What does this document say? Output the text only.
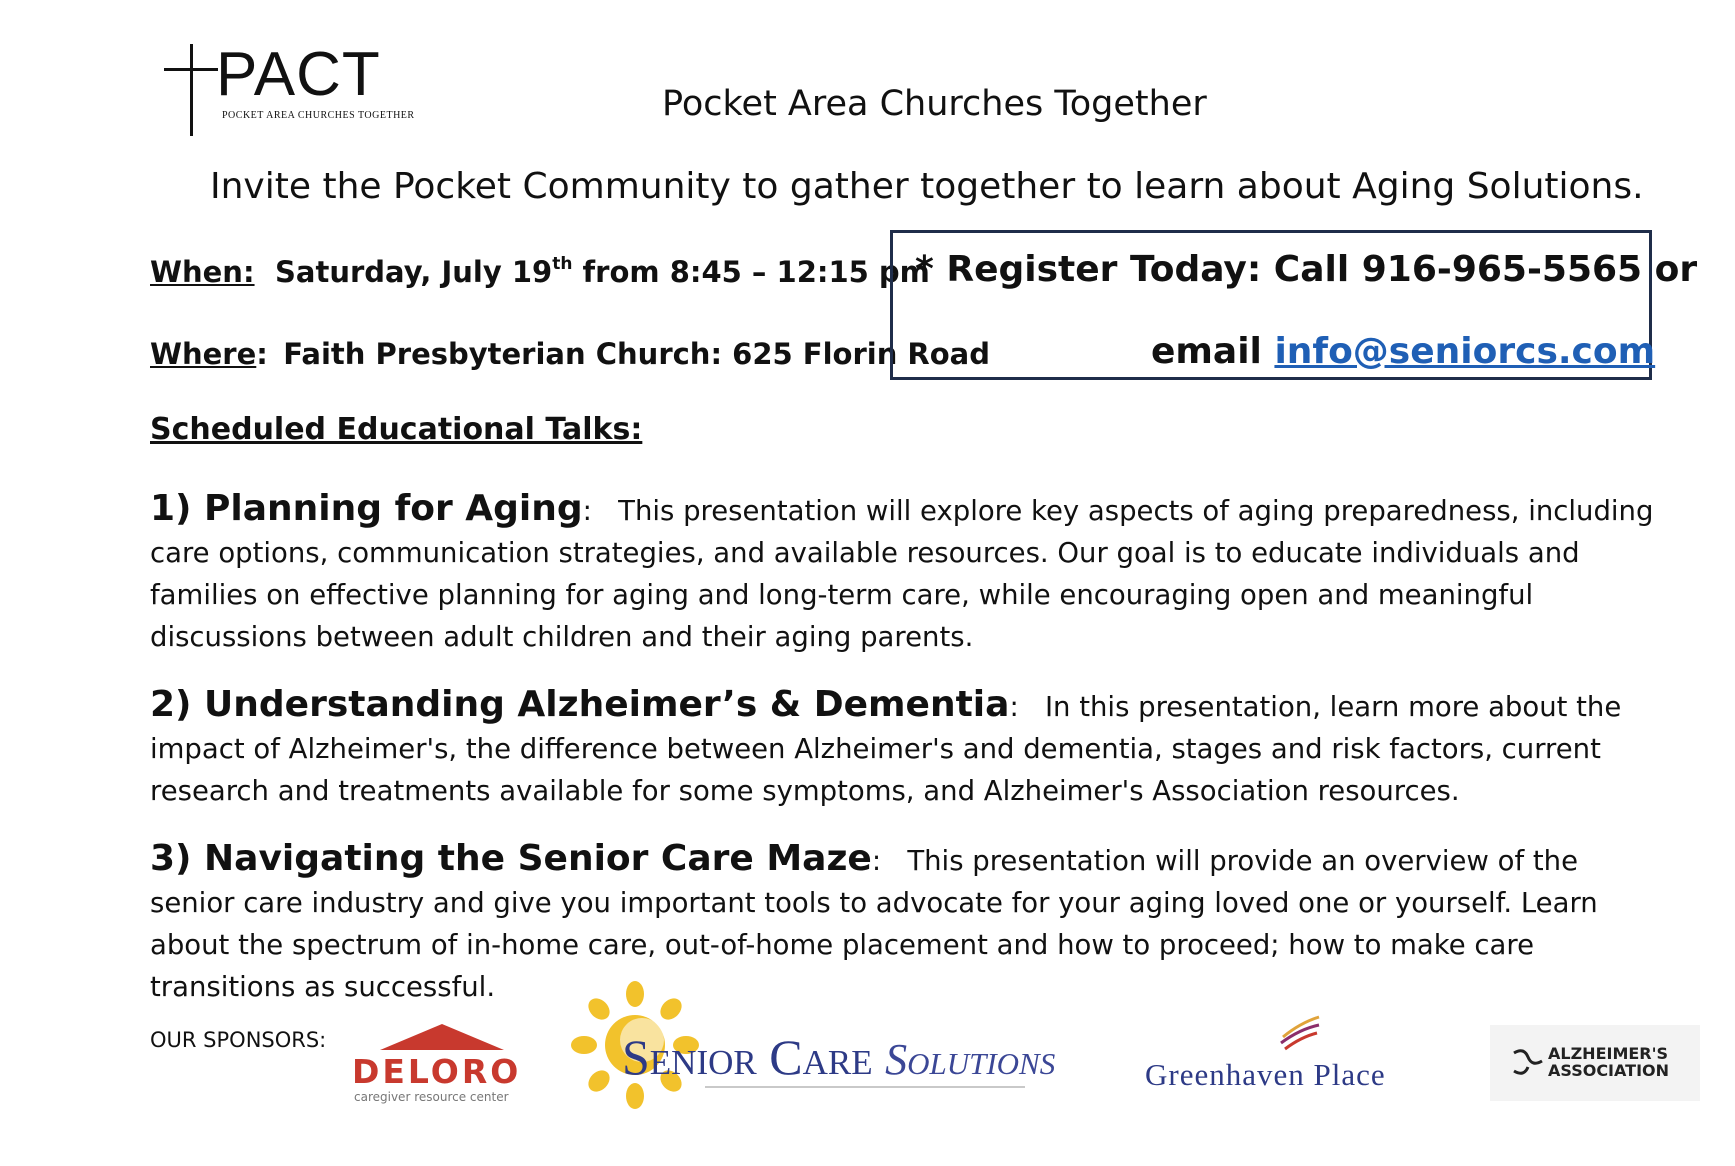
PACT
POCKET AREA CHURCHES TOGETHER	Pocket Area Churches Together
Invite the Pocket Community to gather together to learn about Aging Solutions.
When: Saturday, July 19th from 8:45 – 12:15 pm
Where: Faith Presbyterian Church: 625 Florin Road
* Register Today: Call 916-965-5565 or
email info@seniorcs.com
Scheduled Educational Talks:
1) Planning for Aging:   This presentation will explore key aspects of aging preparedness, including care options, communication strategies, and available resources. Our goal is to educate individuals and families on effective planning for aging and long-term care, while encouraging open and meaningful discussions between adult children and their aging parents.
2) Understanding Alzheimer’s & Dementia:   In this presentation, learn more about the impact of Alzheimer's, the difference between Alzheimer's and dementia, stages and risk factors, current research and treatments available for some symptoms, and Alzheimer's Association resources.
3) Navigating the Senior Care Maze:   This presentation will provide an overview of the senior care industry and give you important tools to advocate for your aging loved one or yourself. Learn about the spectrum of in-home care, out-of-home placement and how to proceed; how to make care transitions as successful.
OUR SPONSORS:
DELORO
caregiver resource center
Senior Care Solutions	Greenhaven Place
ALZHEIMER'S
ASSOCIATION
